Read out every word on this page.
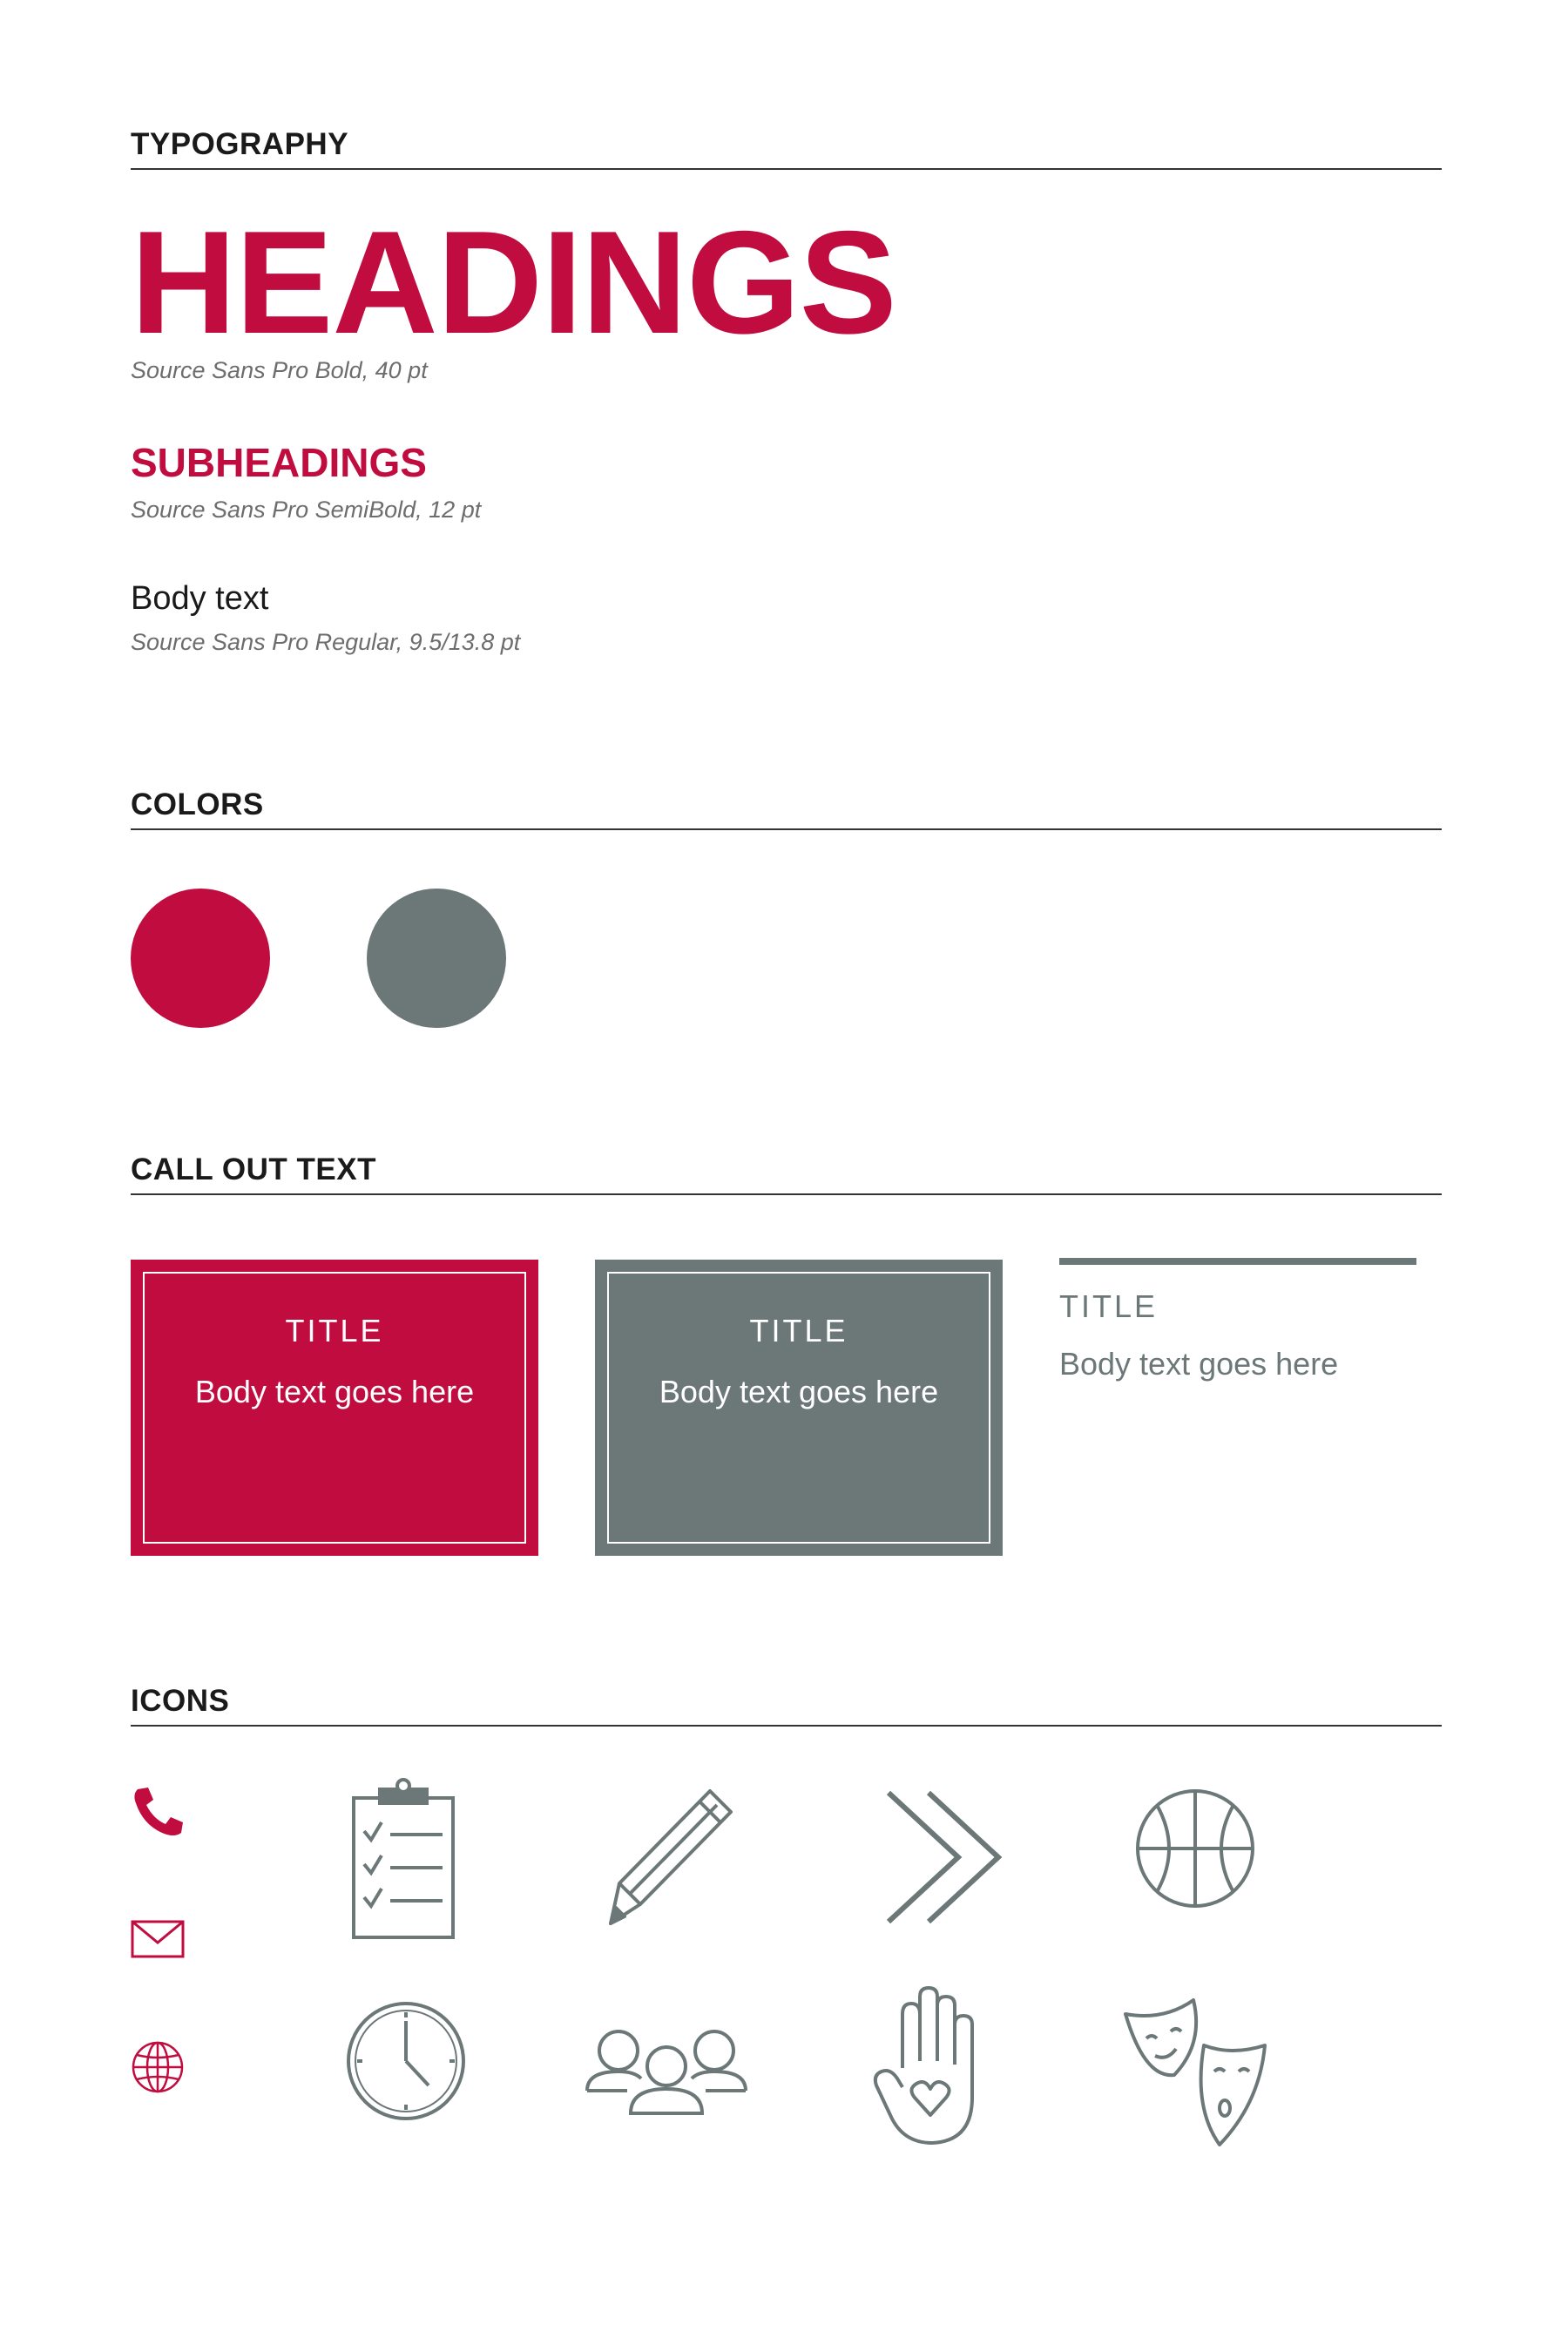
TYPOGRAPHY
HEADINGS
Source Sans Pro Bold, 40 pt
SUBHEADINGS
Source Sans Pro SemiBold, 12 pt
Body text
Source Sans Pro Regular, 9.5/13.8 pt
COLORS
CALL OUT TEXT
TITLE
Body text goes here
TITLE
Body text goes here
TITLE
Body text goes here
ICONS
